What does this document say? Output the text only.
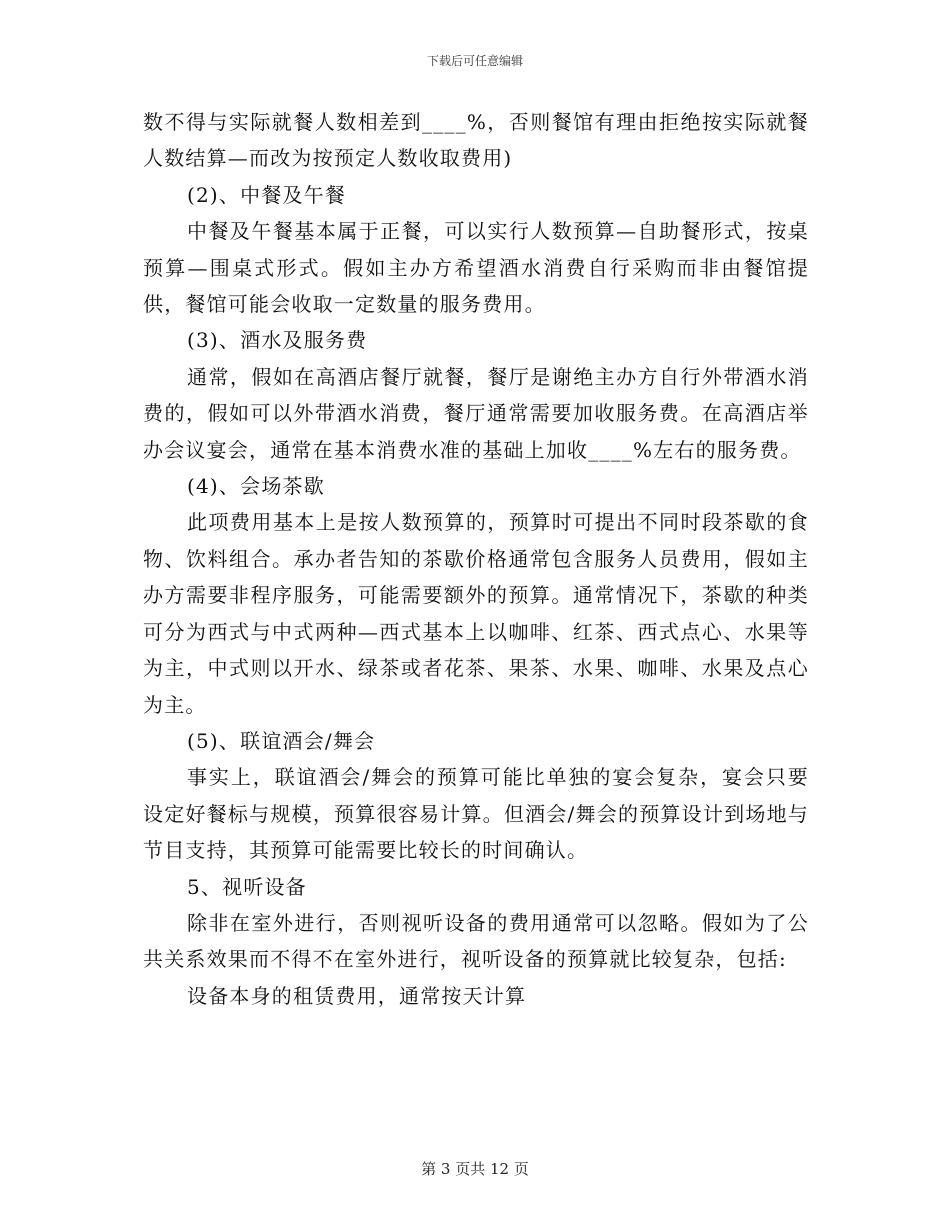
下载后可任意编辑

数不得与实际就餐人数相差到____%，否则餐馆有理由拒绝按实际就餐人数结算—而改为按预定人数收取费用)

(2)、中餐及午餐

中餐及午餐基本属于正餐，可以实行人数预算—自助餐形式，按桌预算—围桌式形式。假如主办方希望酒水消费自行采购而非由餐馆提供，餐馆可能会收取一定数量的服务费用。

(3)、酒水及服务费

通常，假如在高酒店餐厅就餐，餐厅是谢绝主办方自行外带酒水消费的，假如可以外带酒水消费，餐厅通常需要加收服务费。在高酒店举办会议宴会，通常在基本消费水准的基础上加收____%左右的服务费。

(4)、会场茶歇

此项费用基本上是按人数预算的，预算时可提出不同时段茶歇的食物、饮料组合。承办者告知的茶歇价格通常包含服务人员费用，假如主办方需要非程序服务，可能需要额外的预算。通常情况下，茶歇的种类可分为西式与中式两种—西式基本上以咖啡、红茶、西式点心、水果等为主，中式则以开水、绿茶或者花茶、果茶、水果、咖啡、水果及点心为主。

(5)、联谊酒会/舞会

事实上，联谊酒会/舞会的预算可能比单独的宴会复杂，宴会只要设定好餐标与规模，预算很容易计算。但酒会/舞会的预算设计到场地与节目支持，其预算可能需要比较长的时间确认。

5、视听设备

除非在室外进行，否则视听设备的费用通常可以忽略。假如为了公共关系效果而不得不在室外进行，视听设备的预算就比较复杂，包括:

设备本身的租赁费用，通常按天计算

第 3 页共 12 页
